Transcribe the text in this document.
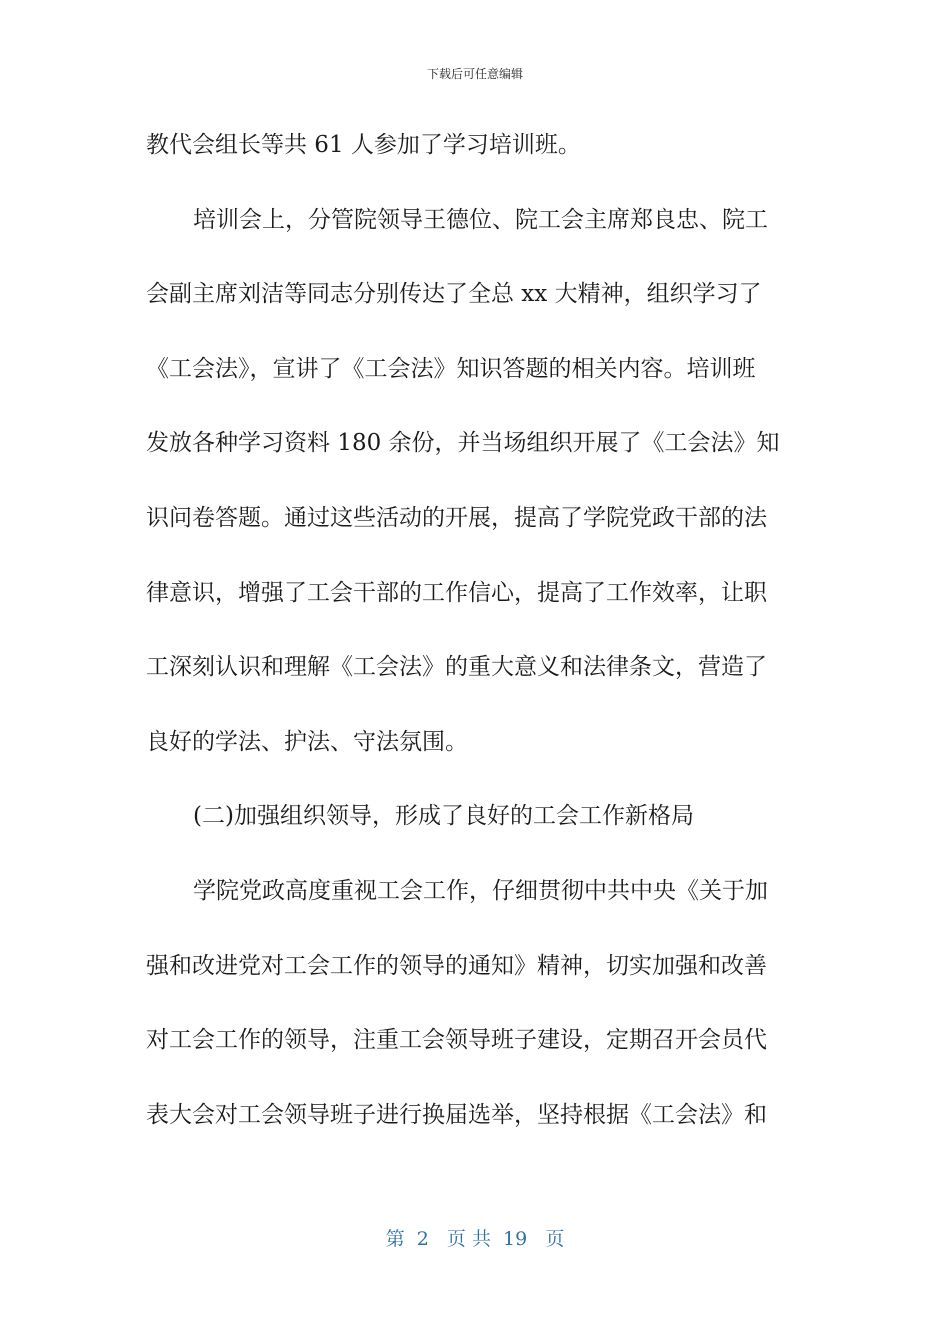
下载后可任意编辑
教代会组长等共 61 人参加了学习培训班。
培训会上，分管院领导王德位、院工会主席郑良忠、院工
会副主席刘洁等同志分别传达了全总 xx 大精神，组织学习了
《工会法》，宣讲了《工会法》知识答题的相关内容。培训班
发放各种学习资料 180 余份，并当场组织开展了《工会法》知
识问卷答题。通过这些活动的开展，提高了学院党政干部的法
律意识，增强了工会干部的工作信心，提高了工作效率，让职
工深刻认识和理解《工会法》的重大意义和法律条文，营造了
良好的学法、护法、守法氛围。
(二)加强组织领导，形成了良好的工会工作新格局
学院党政高度重视工会工作，仔细贯彻中共中央《关于加
强和改进党对工会工作的领导的通知》精神，切实加强和改善
对工会工作的领导，注重工会领导班子建设，定期召开会员代
表大会对工会领导班子进行换届选举，坚持根据《工会法》和
第  2   页 共  19   页
